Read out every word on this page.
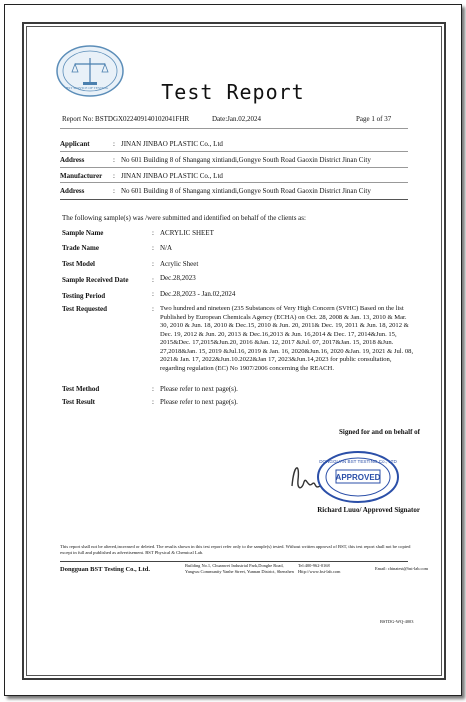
BST SERVICE OF TESTING	Test Report
Report No: BSTDGX022409140102041FHR	Date:Jan.02,2024	Page 1 of 37
Applicant	: JINAN JINBAO PLASTIC Co., Ltd
Address	: No 601 Building 8 of Shangang xintiandi,Gongye South Road Gaoxin District Jinan City
Manufacturer : JINAN JINBAO PLASTIC Co., Ltd
Address	: No 601 Building 8 of Shangang xintiandi,Gongye South Road Gaoxin District Jinan City
The following sample(s) was /were submitted and identified on behalf of the clients as:
Sample Name	: ACRYLIC SHEET
Trade Name	: N/A
Test Model	: Acrylic Sheet
Sample Received Date	: Dec.28,2023
Testing Period	: Dec.28,2023 - Jan.02,2024
Test Requested	: Two hundred and nineteen (235 Substances of Very High Concern (SVHC) Based on the list Published by European Chemicals Agency (ECHA) on Oct. 28, 2008 & Jan. 13, 2010 & Mar. 30, 2010 & Jun. 18, 2010 & Dec.15, 2010 & Jun. 20, 2011& Dec. 19, 2011 & Jun. 18, 2012 & Dec. 19, 2012 & Jun. 20, 2013 & Dec.16,2013 & Jun. 16,2014 & Dec. 17, 2014&Jun. 15, 2015&Dec. 17,2015&Jun.20, 2016 &Jan. 12, 2017 &Jul. 07, 2017&Jan. 15, 2018 &Jun. 27,2018&Jan. 15, 2019 &Jul.16, 2019 & Jan. 16, 2020&Jun.16, 2020 &Jan. 19, 2021 & Jul. 08, 2021& Jan. 17, 2022&Jun.10.2022&Jan 17, 2023&Jun.14,2023 for public consultation, regarding regulation (EC) No 1907/2006 concerning the REACH.
Test Method	: Please refer to next page(s).
Test Result	: Please refer to next page(s).
Signed for and on behalf of
APPROVED
DONGGUAN BST TESTING Co., LTD
Richard Luuo/ Approved Signator
This report shall not be altered,increased or deleted. The results shown in this test report refer only to the sample(s) tested. Without written approval of BST, this test report shall not be copied except in full and published as advertisement. BST Physical & Chemical Lab.
Dongguan BST Testing Co., Ltd.
Building No.1, Chuanwei Industrial Park,Donghe Road,
Yangwu Community Yanhe Street, Yunnan District, Shenzhen
Tel:400-962-0168
Http://www.bst-lab.com
Email: chinatest@bst-lab.com
BSTDG-WQ-4003
